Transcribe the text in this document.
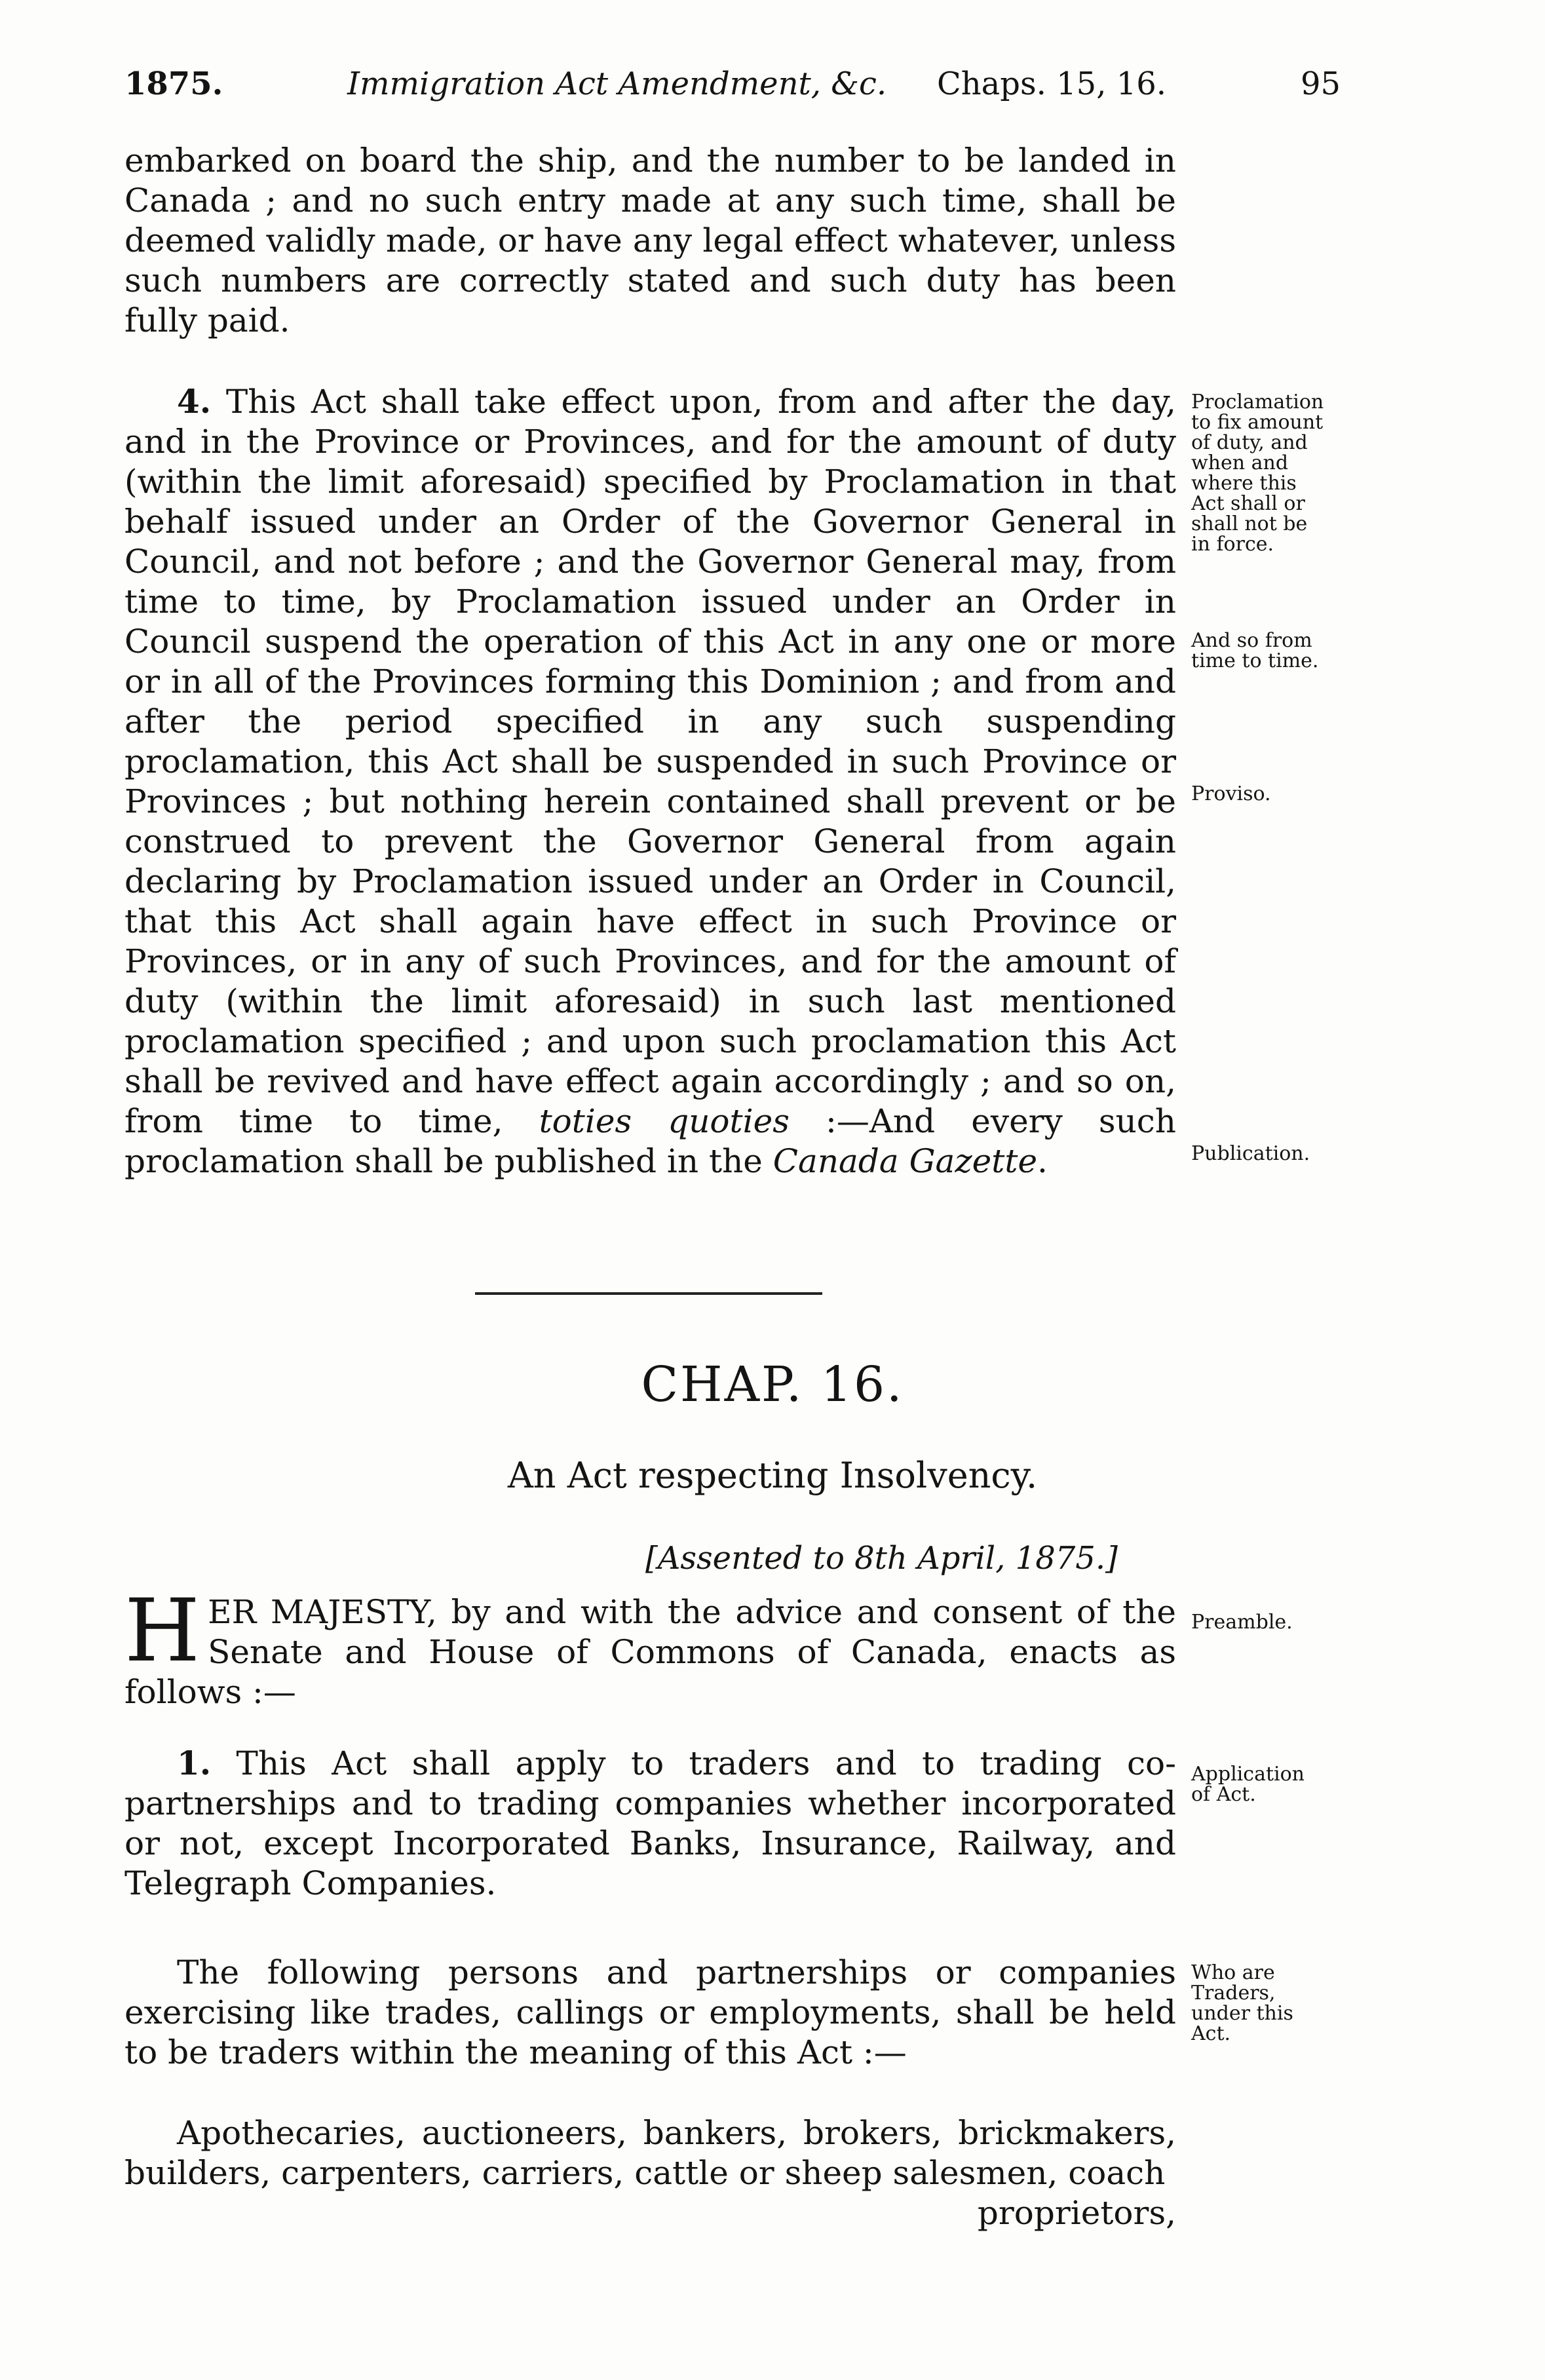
1875.	Immigration Act Amendment, &c. Chaps. 15, 16.	95

embarked on board the ship, and the number to be landed in Canada ; and no such entry made at any such time, shall be deemed validly made, or have any legal effect whatever, unless such numbers are correctly stated and such duty has been fully paid.

4. This Act shall take effect upon, from and after the day, and in the Province or Provinces, and for the amount of duty (within the limit aforesaid) specified by Proclamation in that behalf issued under an Order of the Governor General in Council, and not before ; and the Governor General may, from time to time, by Proclamation issued under an Order in Council suspend the operation of this Act in any one or more or in all of the Provinces forming this Dominion ; and from and after the period specified in any such suspending proclamation, this Act shall be suspended in such Province or Provinces ; but nothing herein contained shall prevent or be construed to prevent the Governor General from again declaring by Proclamation issued under an Order in Council, that this Act shall again have effect in such Province or Provinces, or in any of such Provinces, and for the amount of duty (within the limit aforesaid) in such last mentioned proclamation specified ; and upon such proclamation this Act shall be revived and have effect again accordingly ; and so on, from time to time, toties quoties :—And every such proclamation shall be published in the Canada Gazette.

Proclamation
to fix amount
of duty, and
when and
where this
Act shall or
shall not be
in force.
And so from
time to time.
Proviso.
Publication.
CHAP. 16.
An Act respecting Insolvency.
[Assented to 8th April, 1875.]

HER MAJESTY, by and with the advice and consent of the Senate and House of Commons of Canada, enacts as follows :—

Preamble.

1. This Act shall apply to traders and to trading co-partnerships and to trading companies whether incorporated or not, except Incorporated Banks, Insurance, Railway, and Telegraph Companies.

Application
of Act.

The following persons and partnerships or companies exercising like trades, callings or employments, shall be held to be traders within the meaning of this Act :—

Who are
Traders,
under this
Act.

Apothecaries, auctioneers, bankers, brokers, brickmakers, builders, carpenters, carriers, cattle or sheep salesmen, coach

proprietors,
